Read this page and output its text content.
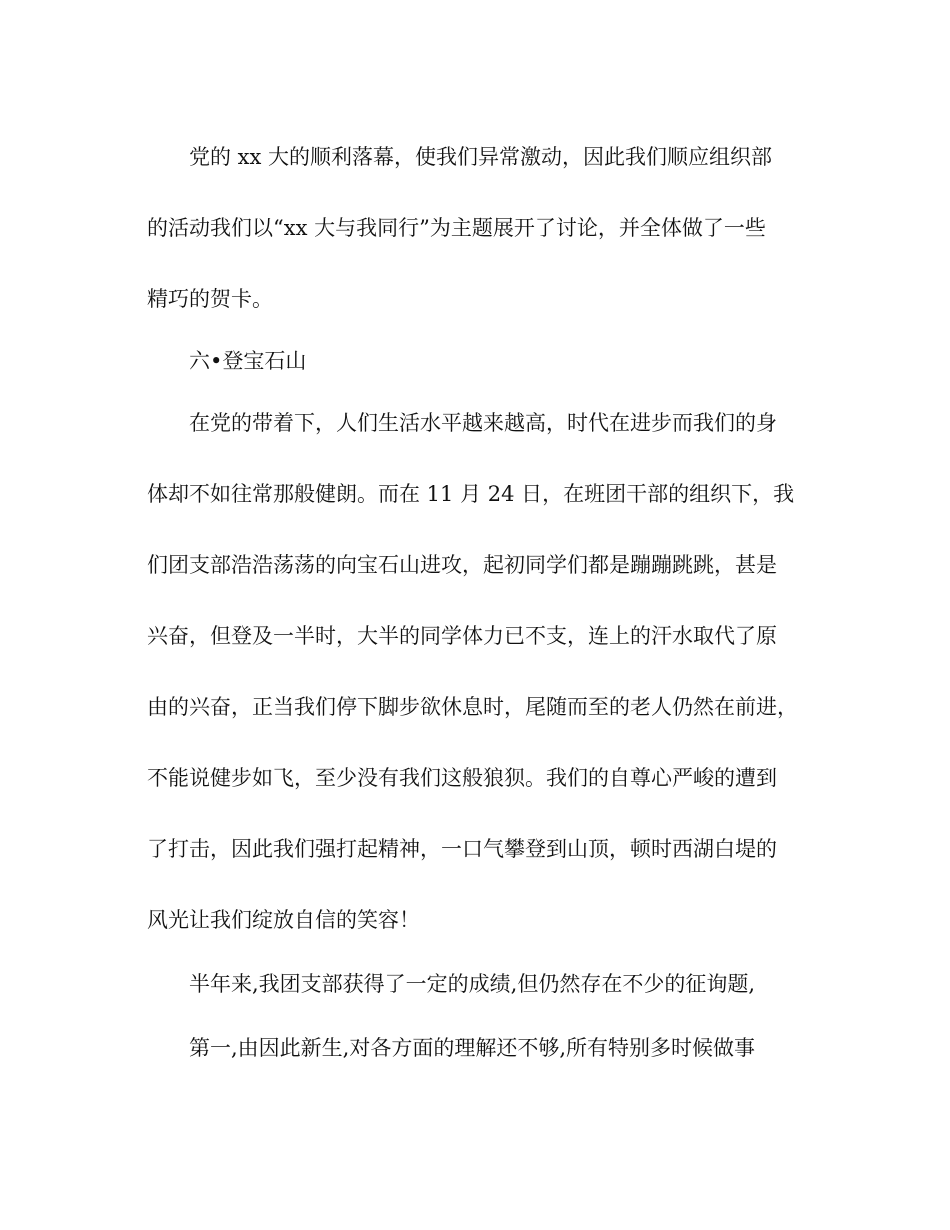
党的 xx 大的顺利落幕，使我们异常激动，因此我们顺应组织部
的活动我们以“xx 大与我同行”为主题展开了讨论，并全体做了一些
精巧的贺卡。
六•登宝石山
在党的带着下，人们生活水平越来越高，时代在进步而我们的身
体却不如往常那般健朗。而在 11 月 24 日，在班团干部的组织下，我
们团支部浩浩荡荡的向宝石山进攻，起初同学们都是蹦蹦跳跳，甚是
兴奋，但登及一半时，大半的同学体力已不支，连上的汗水取代了原
由的兴奋，正当我们停下脚步欲休息时，尾随而至的老人仍然在前进，
不能说健步如飞，至少没有我们这般狼狈。我们的自尊心严峻的遭到
了打击，因此我们强打起精神，一口气攀登到山顶，顿时西湖白堤的
风光让我们绽放自信的笑容！
半年来,我团支部获得了一定的成绩,但仍然存在不少的征询题,
第一,由因此新生,对各方面的理解还不够,所有特别多时候做事
